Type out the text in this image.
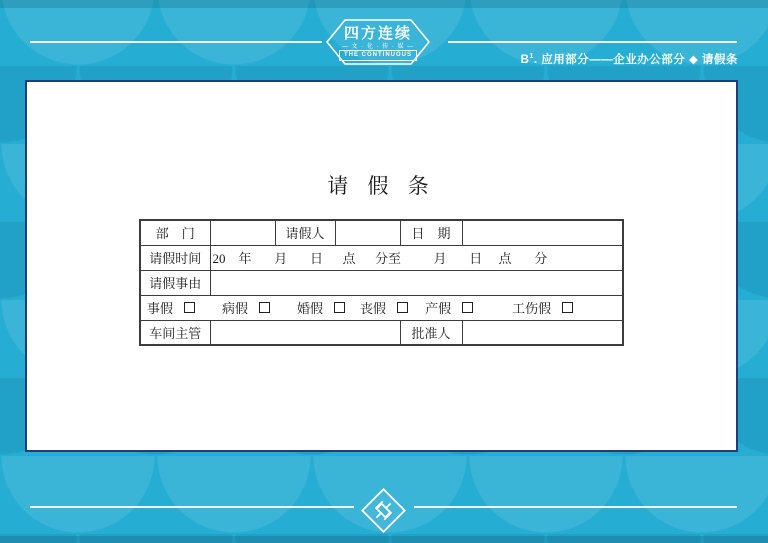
四方连续
— 文 · 化 · 传 · 媒 —
THE CONTINUOUS	$B^1$. 应用部分——企业办公部分 ◆ 请假条
请 假 条
部    门		请假人		日    期	
请假时间	20    年       月       日      点      分至          月       日     点       分				
请假事由					

事假	病假	婚假	丧假	产假	工伤假

车间主管				批准人	
